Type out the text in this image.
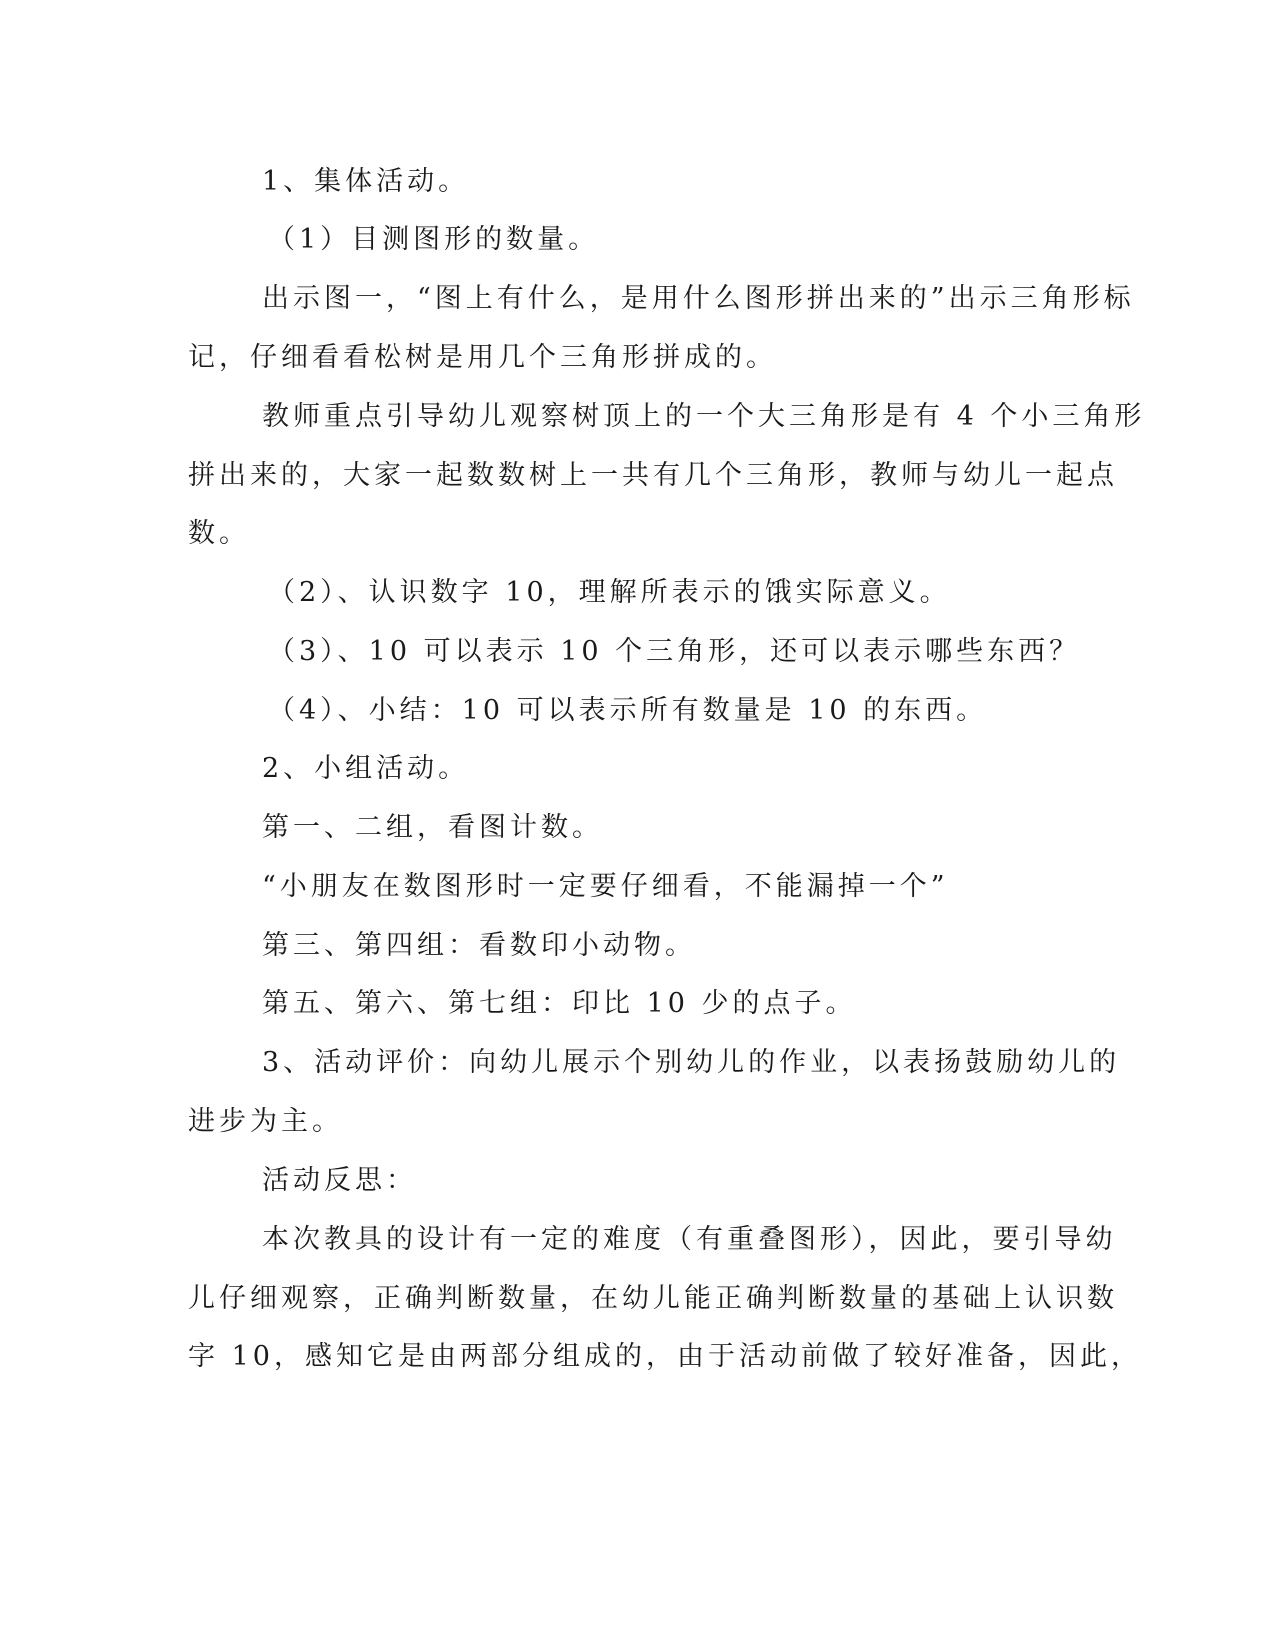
1、集体活动。
（1）目测图形的数量。
出示图一，“图上有什么，是用什么图形拼出来的”出示三角形标
记，仔细看看松树是用几个三角形拼成的。
教师重点引导幼儿观察树顶上的一个大三角形是有 4 个小三角形
拼出来的，大家一起数数树上一共有几个三角形，教师与幼儿一起点
数。
（2）、认识数字 10，理解所表示的饿实际意义。
（3）、10 可以表示 10 个三角形，还可以表示哪些东西？
（4）、小结：10 可以表示所有数量是 10 的东西。
2、小组活动。
第一、二组，看图计数。
“小朋友在数图形时一定要仔细看，不能漏掉一个”
第三、第四组：看数印小动物。
第五、第六、第七组：印比 10 少的点子。
3、活动评价：向幼儿展示个别幼儿的作业，以表扬鼓励幼儿的
进步为主。
活动反思：
本次教具的设计有一定的难度（有重叠图形），因此，要引导幼
儿仔细观察，正确判断数量，在幼儿能正确判断数量的基础上认识数
字 10，感知它是由两部分组成的，由于活动前做了较好准备，因此，
